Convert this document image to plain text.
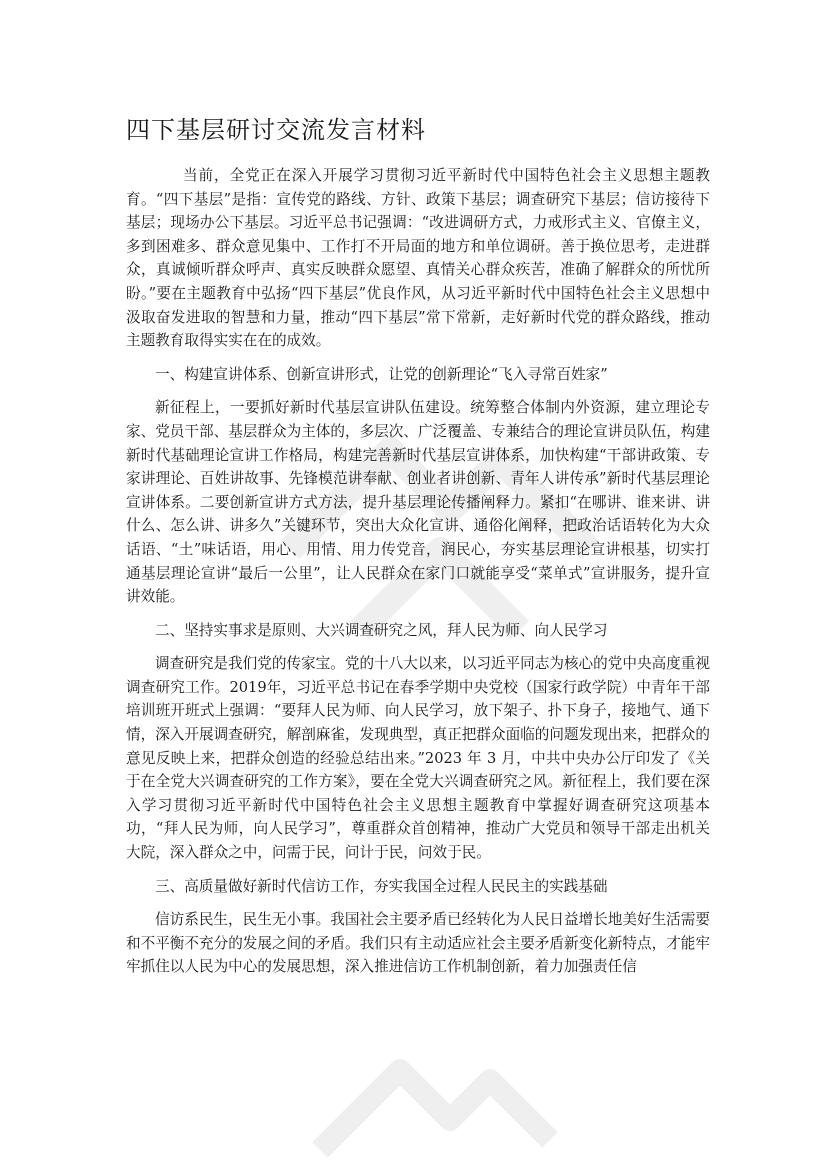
四下基层研讨交流发言材料

当前，全党正在深入开展学习贯彻习近平新时代中国特色社会主义思想主题教育。“四下基层”是指：宣传党的路线、方针、政策下基层；调查研究下基层；信访接待下基层；现场办公下基层。习近平总书记强调：“改进调研方式，力戒形式主义、官僚主义，多到困难多、群众意见集中、工作打不开局面的地方和单位调研。善于换位思考，走进群众，真诚倾听群众呼声、真实反映群众愿望、真情关心群众疾苦，准确了解群众的所忧所盼。”要在主题教育中弘扬“四下基层”优良作风，从习近平新时代中国特色社会主义思想中汲取奋发进取的智慧和力量，推动“四下基层”常下常新，走好新时代党的群众路线，推动主题教育取得实实在在的成效。

一、构建宣讲体系、创新宣讲形式，让党的创新理论“飞入寻常百姓家”

新征程上，一要抓好新时代基层宣讲队伍建设。统筹整合体制内外资源，建立理论专家、党员干部、基层群众为主体的，多层次、广泛覆盖、专兼结合的理论宣讲员队伍，构建新时代基础理论宣讲工作格局，构建完善新时代基层宣讲体系，加快构建“干部讲政策、专家讲理论、百姓讲故事、先锋模范讲奉献、创业者讲创新、青年人讲传承”新时代基层理论宣讲体系。二要创新宣讲方式方法，提升基层理论传播阐释力。紧扣“在哪讲、谁来讲、讲什么、怎么讲、讲多久”关键环节，突出大众化宣讲、通俗化阐释，把政治话语转化为大众话语、“土”味话语，用心、用情、用力传党音，润民心，夯实基层理论宣讲根基，切实打通基层理论宣讲“最后一公里”，让人民群众在家门口就能享受“菜单式”宣讲服务，提升宣讲效能。

二、坚持实事求是原则、大兴调查研究之风，拜人民为师、向人民学习

调查研究是我们党的传家宝。党的十八大以来，以习近平同志为核心的党中央高度重视调查研究工作。2019年，习近平总书记在春季学期中央党校（国家行政学院）中青年干部培训班开班式上强调：“要拜人民为师、向人民学习，放下架子、扑下身子，接地气、通下情，深入开展调查研究，解剖麻雀，发现典型，真正把群众面临的问题发现出来，把群众的意见反映上来，把群众创造的经验总结出来。”2023 年 3 月，中共中央办公厅印发了《关于在全党大兴调查研究的工作方案》，要在全党大兴调查研究之风。新征程上，我们要在深入学习贯彻习近平新时代中国特色社会主义思想主题教育中掌握好调查研究这项基本功，“拜人民为师，向人民学习”，尊重群众首创精神，推动广大党员和领导干部走出机关大院，深入群众之中，问需于民，问计于民，问效于民。

三、高质量做好新时代信访工作，夯实我国全过程人民民主的实践基础

信访系民生，民生无小事。我国社会主要矛盾已经转化为人民日益增长地美好生活需要和不平衡不充分的发展之间的矛盾。我们只有主动适应社会主要矛盾新变化新特点，才能牢牢抓住以人民为中心的发展思想，深入推进信访工作机制创新，着力加强责任信
